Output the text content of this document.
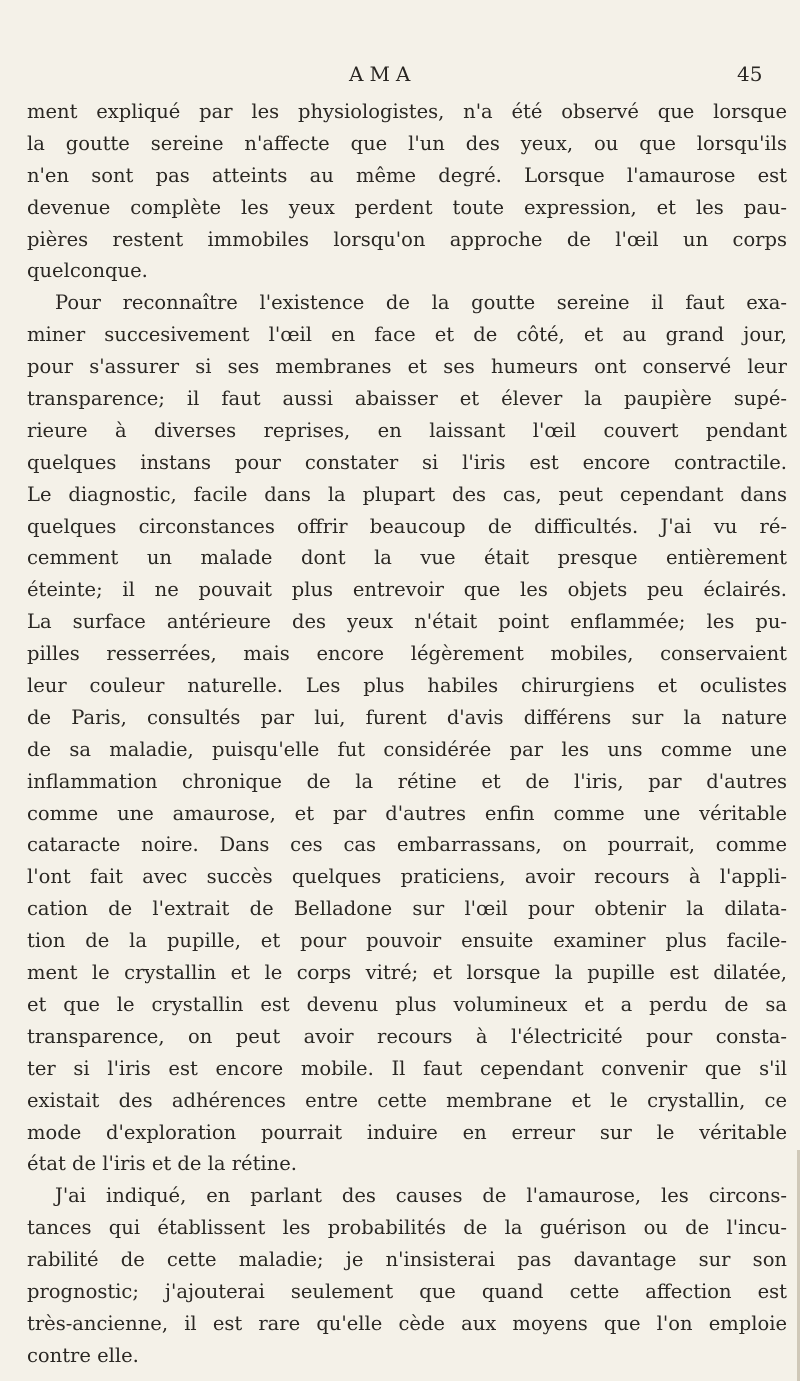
AMA	45
ment expliqué par les physiologistes, n'a été observé que lorsque
la goutte sereine n'affecte que l'un des yeux, ou que lorsqu'ils
n'en sont pas atteints au même degré. Lorsque l'amaurose est
devenue complète les yeux perdent toute expression, et les pau-
pières restent immobiles lorsqu'on approche de l'œil un corps
quelconque.
Pour reconnaître l'existence de la goutte sereine il faut exa-
miner succesivement l'œil en face et de côté, et au grand jour,
pour s'assurer si ses membranes et ses humeurs ont conservé leur
transparence; il faut aussi abaisser et élever la paupière supé-
rieure à diverses reprises, en laissant l'œil couvert pendant
quelques instans pour constater si l'iris est encore contractile.
Le diagnostic, facile dans la plupart des cas, peut cependant dans
quelques circonstances offrir beaucoup de difficultés. J'ai vu ré-
cemment un malade dont la vue était presque entièrement
éteinte; il ne pouvait plus entrevoir que les objets peu éclairés.
La surface antérieure des yeux n'était point enflammée; les pu-
pilles resserrées, mais encore légèrement mobiles, conservaient
leur couleur naturelle. Les plus habiles chirurgiens et oculistes
de Paris, consultés par lui, furent d'avis différens sur la nature
de sa maladie, puisqu'elle fut considérée par les uns comme une
inflammation chronique de la rétine et de l'iris, par d'autres
comme une amaurose, et par d'autres enfin comme une véritable
cataracte noire. Dans ces cas embarrassans, on pourrait, comme
l'ont fait avec succès quelques praticiens, avoir recours à l'appli-
cation de l'extrait de Belladone sur l'œil pour obtenir la dilata-
tion de la pupille, et pour pouvoir ensuite examiner plus facile-
ment le crystallin et le corps vitré; et lorsque la pupille est dilatée,
et que le crystallin est devenu plus volumineux et a perdu de sa
transparence, on peut avoir recours à l'électricité pour consta-
ter si l'iris est encore mobile. Il faut cependant convenir que s'il
existait des adhérences entre cette membrane et le crystallin, ce
mode d'exploration pourrait induire en erreur sur le véritable
état de l'iris et de la rétine.
J'ai indiqué, en parlant des causes de l'amaurose, les circons-
tances qui établissent les probabilités de la guérison ou de l'incu-
rabilité de cette maladie; je n'insisterai pas davantage sur son
prognostic; j'ajouterai seulement que quand cette affection est
très-ancienne, il est rare qu'elle cède aux moyens que l'on emploie
contre elle.
